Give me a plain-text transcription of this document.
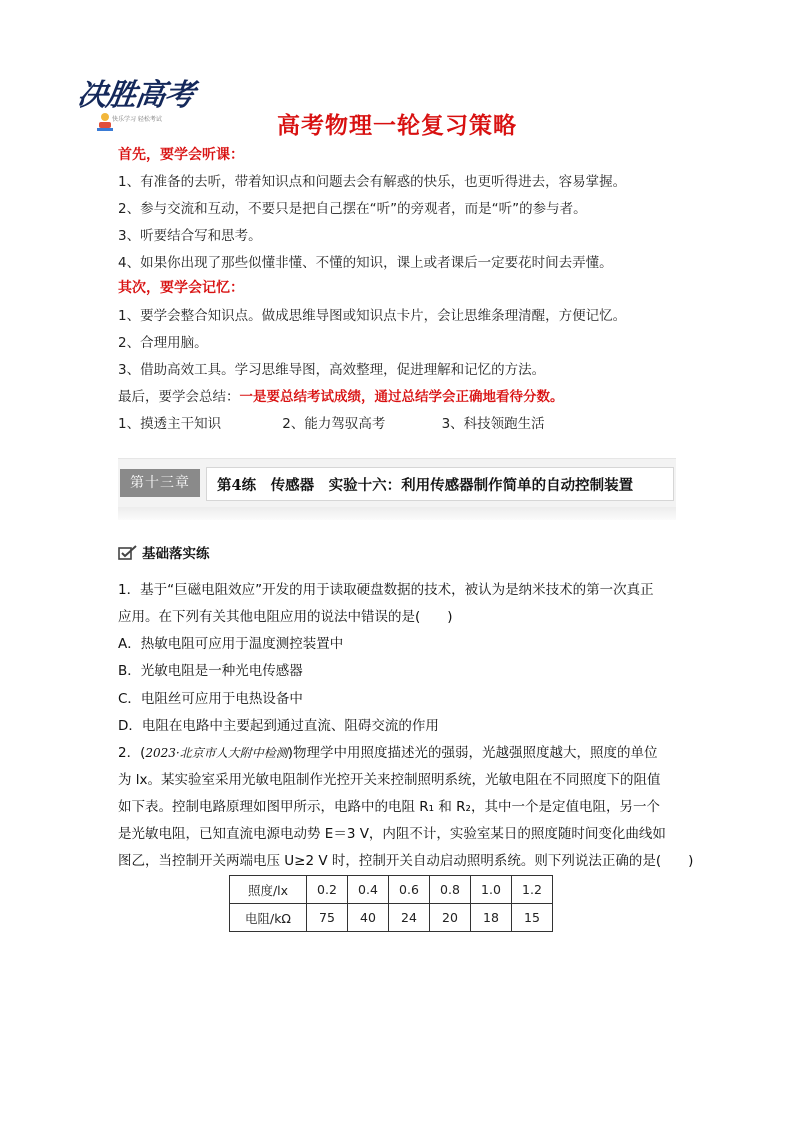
决胜高考
快乐学习 轻松考试	高考物理一轮复习策略
首先，要学会听课：
1、有准备的去听，带着知识点和问题去会有解惑的快乐，也更听得进去，容易掌握。
2、参与交流和互动，不要只是把自己摆在“听”的旁观者，而是“听”的参与者。
3、听要结合写和思考。
4、如果你出现了那些似懂非懂、不懂的知识，课上或者课后一定要花时间去弄懂。
其次，要学会记忆：
1、要学会整合知识点。做成思维导图或知识点卡片，会让思维条理清醒，方便记忆。
2、合理用脑。
3、借助高效工具。学习思维导图，高效整理，促进理解和记忆的方法。
最后，要学会总结：一是要总结考试成绩，通过总结学会正确地看待分数。
1、摸透主干知识	2、能力驾驭高考	3、科技领跑生活
第十三章	第4练　传感器　实验十六：利用传感器制作简单的自动控制装置
基础落实练
1．基于“巨磁电阻效应”开发的用于读取硬盘数据的技术，被认为是纳米技术的第一次真正
应用。在下列有关其他电阻应用的说法中错误的是(　　)
A．热敏电阻可应用于温度测控装置中
B．光敏电阻是一种光电传感器
C．电阻丝可应用于电热设备中
D．电阻在电路中主要起到通过直流、阻碍交流的作用
2．(2023·北京市人大附中检测)物理学中用照度描述光的强弱，光越强照度越大，照度的单位
为 lx。某实验室采用光敏电阻制作光控开关来控制照明系统，光敏电阻在不同照度下的阻值
如下表。控制电路原理如图甲所示，电路中的电阻 R₁ 和 R₂，其中一个是定值电阻，另一个
是光敏电阻，已知直流电源电动势 E＝3 V，内阻不计，实验室某日的照度随时间变化曲线如
图乙，当控制开关两端电压 U≥2 V 时，控制开关自动启动照明系统。则下列说法正确的是(　　)
照度/lx	0.2	0.4	0.6	0.8	1.0	1.2
电阻/kΩ	75	40	24	20	18	15
